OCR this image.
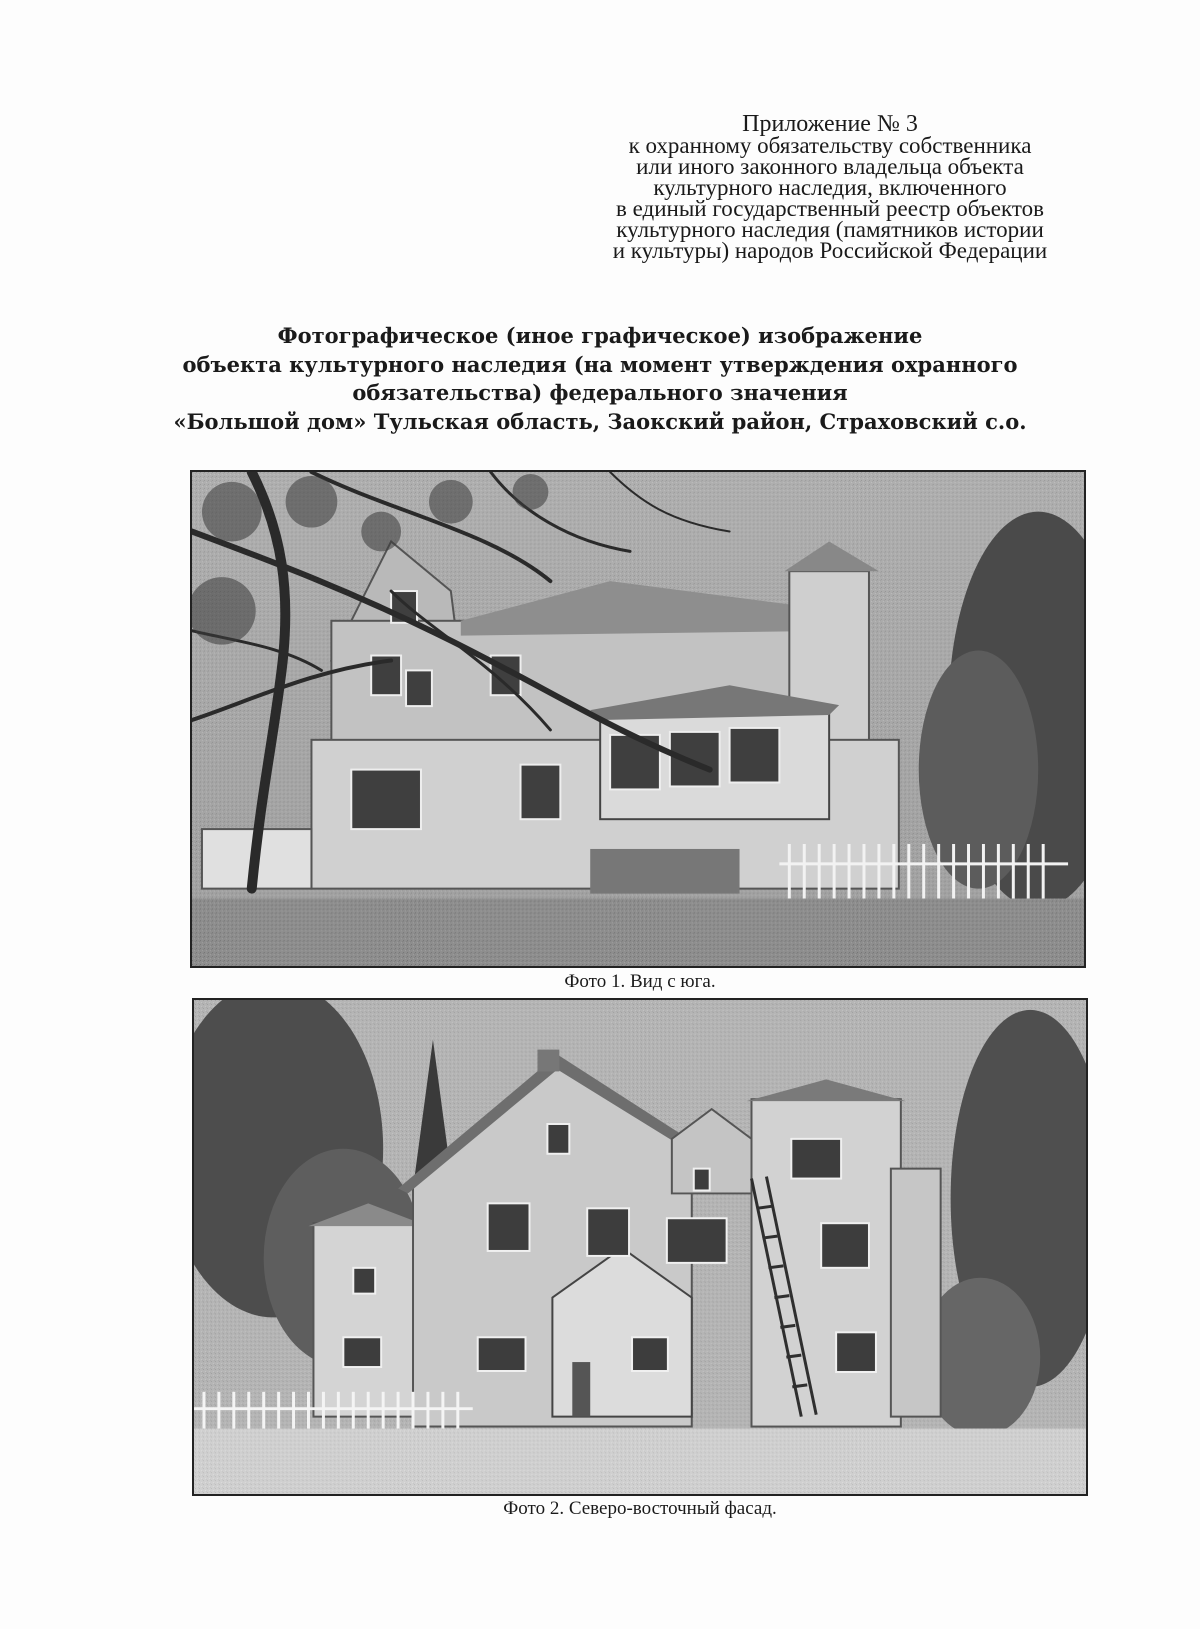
Приложение № 3
к охранному обязательству собственника
или иного законного владельца объекта
культурного наследия, включенного
в единый государственный реестр объектов
культурного наследия (памятников истории
и культуры) народов Российской Федерации
Фотографическое (иное графическое) изображение
объекта культурного наследия (на момент утверждения охранного
обязательства) федерального значения
«Большой дом» Тульская область, Заокский район, Страховский с.о.
Фото 1. Вид с юга.
Фото 2. Северо-восточный фасад.
